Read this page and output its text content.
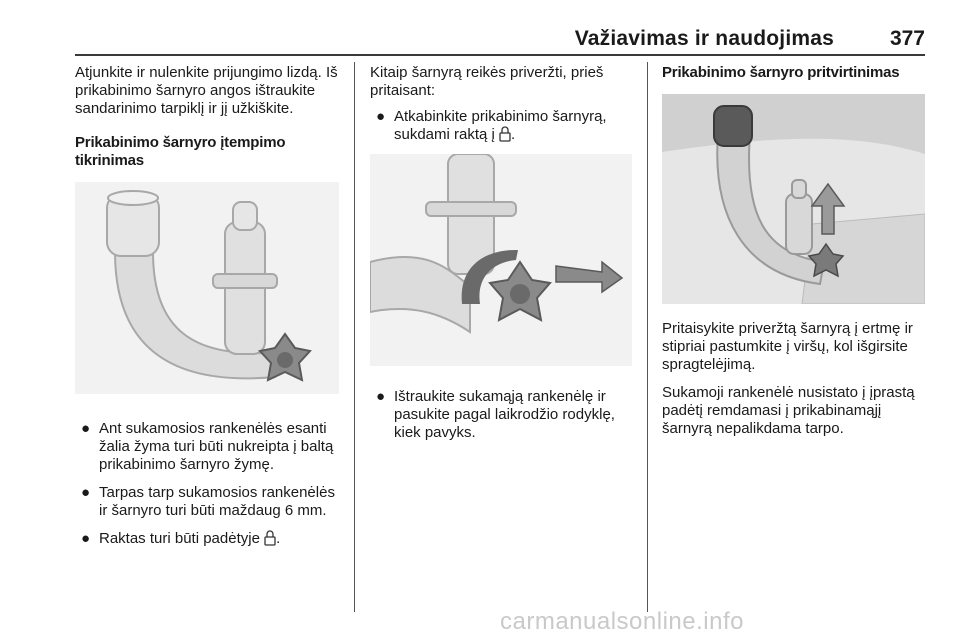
Važiavimas ir naudojimas	377

Atjunkite ir nulenkite prijungimo lizdą. Iš prikabinimo šarnyro angos ištraukite sandarinimo tarpiklį ir jį užkiškite.

Prikabinimo šarnyro įtempimo
tikrinimas

● Ant sukamosios rankenėlės esanti žalia žyma turi būti nukreipta į baltą prikabinimo šarnyro žymę.
● Tarpas tarp sukamosios rankenėlės ir šarnyro turi būti maždaug 6 mm.
● Raktas turi būti padėtyje .

Kitaip šarnyrą reikės priveržti, prieš pritaisant:

● Atkabinkite prikabinimo šarnyrą, sukdami raktą į .
● Ištraukite sukamąją rankenėlę ir pasukite pagal laikrodžio rodyklę, kiek pavyks.

Prikabinimo šarnyro pritvirtinimas

Pritaisykite priveržtą šarnyrą į ertmę ir stipriai pastumkite į viršų, kol išgirsite spragtelėjimą.

Sukamoji rankenėlė nusistato į įprastą padėtį remdamasi į prikabinamąjį šarnyrą nepalikdama tarpo.

carmanualsonline.info
